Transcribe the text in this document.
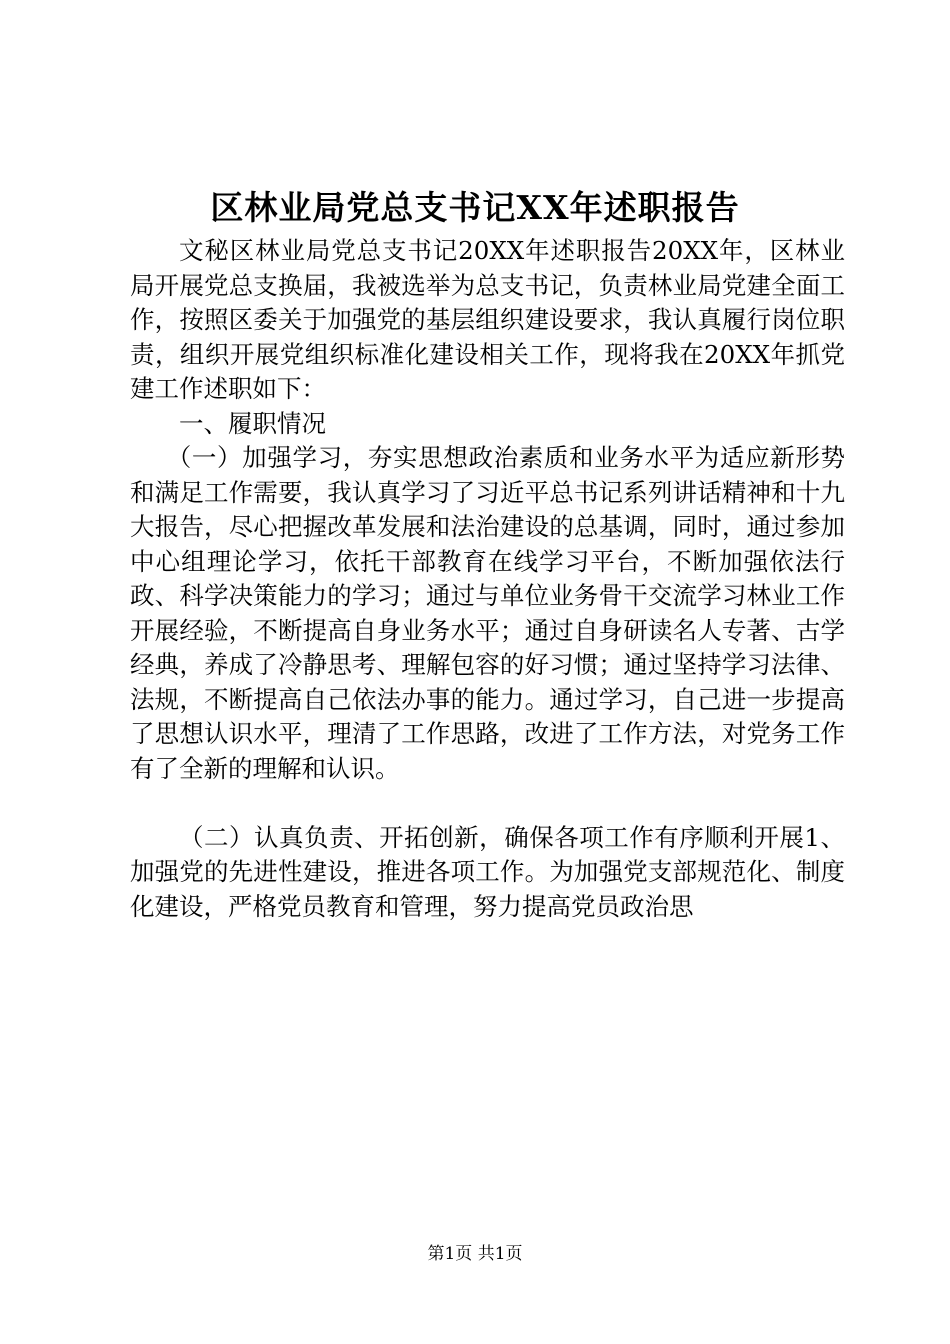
区林业局党总支书记XX年述职报告

文秘区林业局党总支书记20XX年述职报告20XX年，区林业局开展党总支换届，我被选举为总支书记，负责林业局党建全面工作，按照区委关于加强党的基层组织建设要求，我认真履行岗位职责，组织开展党组织标准化建设相关工作，现将我在20XX年抓党建工作述职如下：

一、履职情况

（一）加强学习，夯实思想政治素质和业务水平为适应新形势和满足工作需要，我认真学习了习近平总书记系列讲话精神和十九大报告，尽心把握改革发展和法治建设的总基调，同时，通过参加中心组理论学习，依托干部教育在线学习平台，不断加强依法行政、科学决策能力的学习；通过与单位业务骨干交流学习林业工作开展经验，不断提高自身业务水平；通过自身研读名人专著、古学经典，养成了冷静思考、理解包容的好习惯；通过坚持学习法律、法规，不断提高自己依法办事的能力。通过学习，自己进一步提高了思想认识水平，理清了工作思路，改进了工作方法，对党务工作有了全新的理解和认识。

（二）认真负责、开拓创新，确保各项工作有序顺利开展1、加强党的先进性建设，推进各项工作。为加强党支部规范化、制度化建设，严格党员教育和管理，努力提高党员政治思

第1页 共1页
